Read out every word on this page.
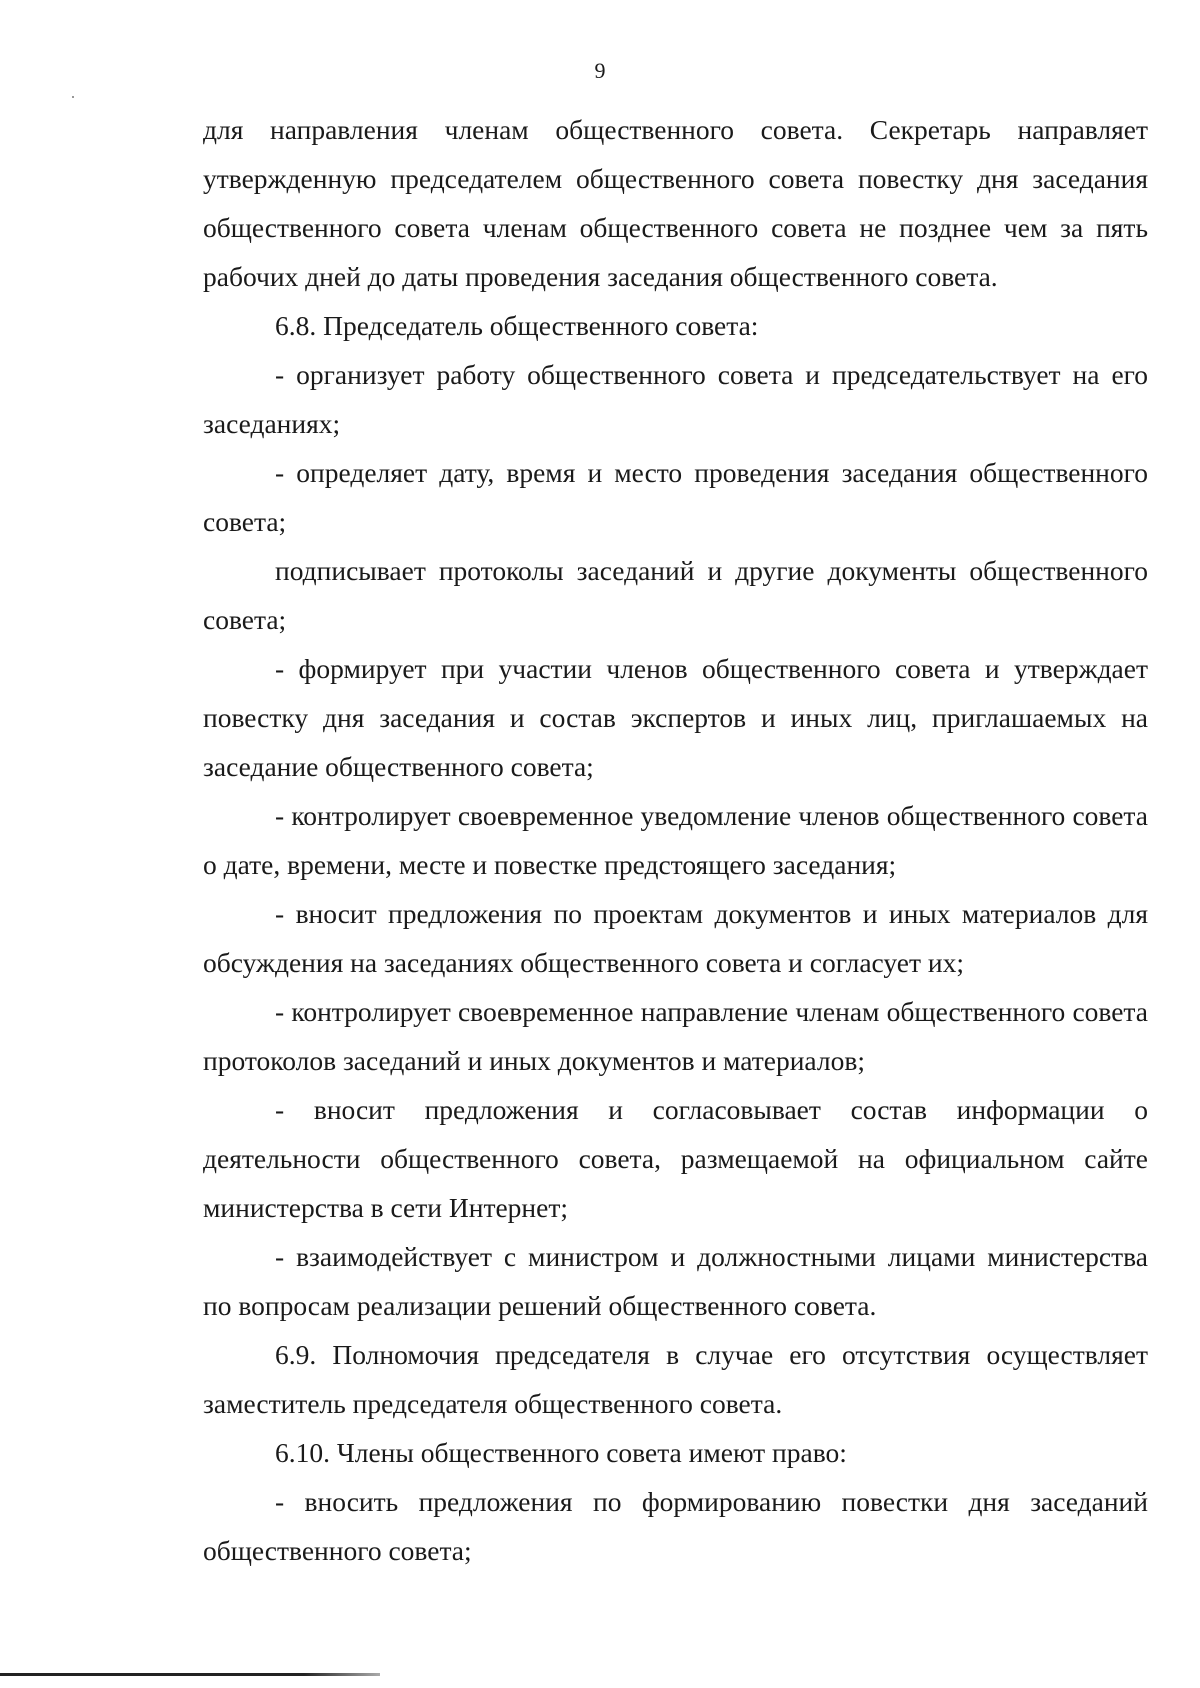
9

для направления членам общественного совета. Секретарь направляет утвержденную председателем общественного совета повестку дня заседания общественного совета членам общественного совета не позднее чем за пять рабочих дней до даты проведения заседания общественного совета.

6.8. Председатель общественного совета:

- организует работу общественного совета и председательствует на его заседаниях;

- определяет дату, время и место проведения заседания общественного совета;

подписывает протоколы заседаний и другие документы общественного совета;

- формирует при участии членов общественного совета и утверждает повестку дня заседания и состав экспертов и иных лиц, приглашаемых на заседание общественного совета;

- контролирует своевременное уведомление членов общественного совета о дате, времени, месте и повестке предстоящего заседания;

- вносит предложения по проектам документов и иных материалов для обсуждения на заседаниях общественного совета и согласует их;

- контролирует своевременное направление членам общественного совета протоколов заседаний и иных документов и материалов;

- вносит предложения и согласовывает состав информации о деятельности общественного совета, размещаемой на официальном сайте министерства в сети Интернет;

- взаимодействует с министром и должностными лицами министерства по вопросам реализации решений общественного совета.

6.9. Полномочия председателя в случае его отсутствия осуществляет заместитель председателя общественного совета.

6.10. Члены общественного совета имеют право:

- вносить предложения по формированию повестки дня заседаний общественного совета;
